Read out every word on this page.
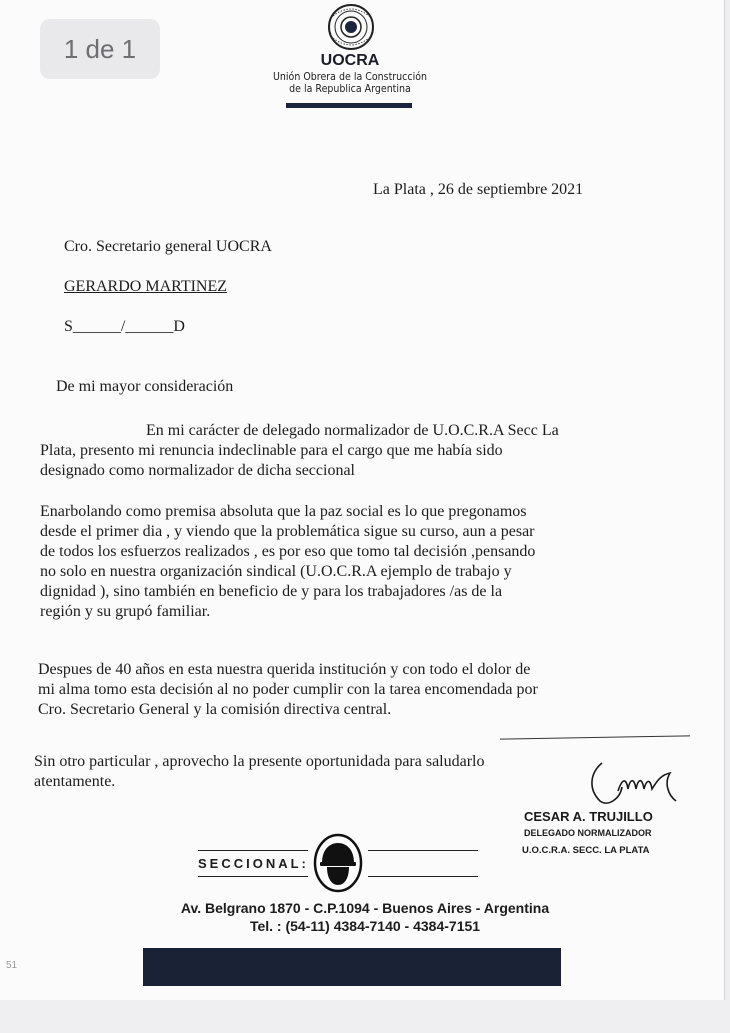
1 de 1	UOCRA
Unión Obrera de la Construcción
de la Republica Argentina
La Plata , 26 de septiembre 2021
Cro. Secretario general UOCRA
GERARDO MARTINEZ
S______/______D
De mi mayor consideración
En mi carácter de delegado normalizador de U.O.C.R.A Secc La
Plata, presento mi renuncia indeclinable para el cargo que me había sido
designado como normalizador de dicha seccional
Enarbolando como premisa absoluta que la paz social es lo que pregonamos
desde el primer dia , y viendo que la problemática sigue su curso, aun a pesar
de todos los esfuerzos realizados , es por eso que tomo tal decisión ,pensando
no solo en nuestra organización sindical (U.O.C.R.A ejemplo de trabajo y
dignidad ), sino también en beneficio de y para los trabajadores /as de la
región y su grupó familiar.
Despues de 40 años en esta nuestra querida institución y con todo el dolor de
mi alma tomo esta decisión al no poder cumplir con la tarea encomendada por
Cro. Secretario General y la comisión directiva central.
Sin otro particular , aprovecho la presente oportunidada para saludarlo
atentamente.
CESAR A. TRUJILLO
DELEGADO NORMALIZADOR
U.O.C.R.A. SECC. LA PLATA
SECCIONAL:
Av. Belgrano 1870 - C.P.1094 - Buenos Aires - Argentina
Tel. : (54-11) 4384-7140 - 4384-7151
51
